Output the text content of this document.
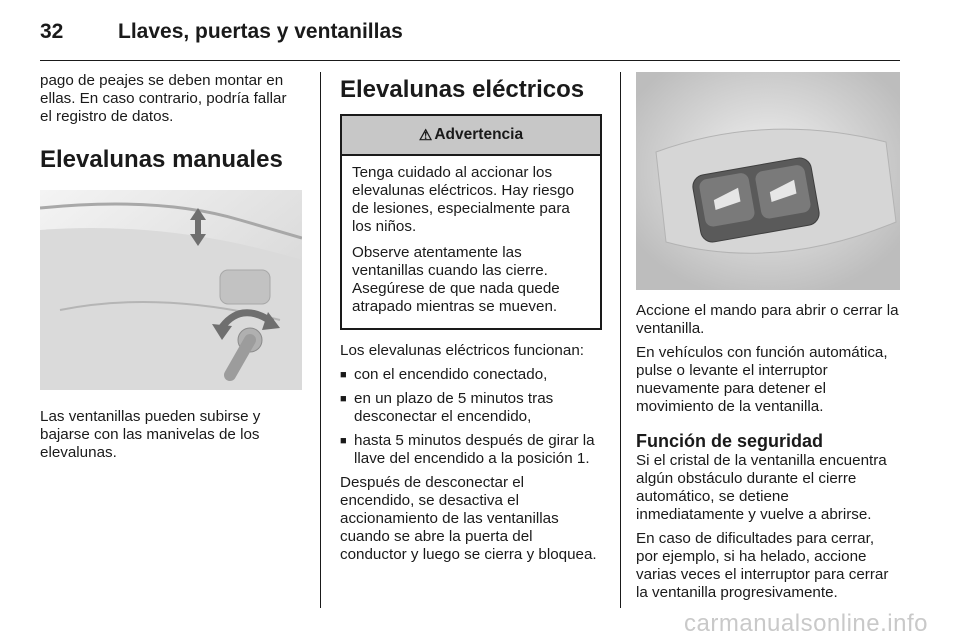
32	Llaves, puertas y ventanillas

pago de peajes se deben montar en ellas. En caso contrario, podría fallar el registro de datos.

Elevalunas manuales

Las ventanillas pueden subirse y bajarse con las manivelas de los elevalunas.

Elevalunas eléctricos
⚠ Advertencia

Tenga cuidado al accionar los elevalunas eléctricos. Hay riesgo de lesiones, especialmente para los niños.

Observe atentamente las ventanillas cuando las cierre. Asegúrese de que nada quede atrapado mientras se mueven.

Los elevalunas eléctricos funcionan:

■ con el encendido conectado,
■ en un plazo de 5 minutos tras desconectar el encendido,
■ hasta 5 minutos después de girar la llave del encendido a la posición 1.

Después de desconectar el encendido, se desactiva el accionamiento de las ventanillas cuando se abre la puerta del conductor y luego se cierra y bloquea.

Accione el mando para abrir o cerrar la ventanilla.

En vehículos con función automática, pulse o levante el interruptor nuevamente para detener el movimiento de la ventanilla.

Función de seguridad

Si el cristal de la ventanilla encuentra algún obstáculo durante el cierre automático, se detiene inmediatamente y vuelve a abrirse.

En caso de dificultades para cerrar, por ejemplo, si ha helado, accione varias veces el interruptor para cerrar la ventanilla progresivamente.

carmanualsonline.info
